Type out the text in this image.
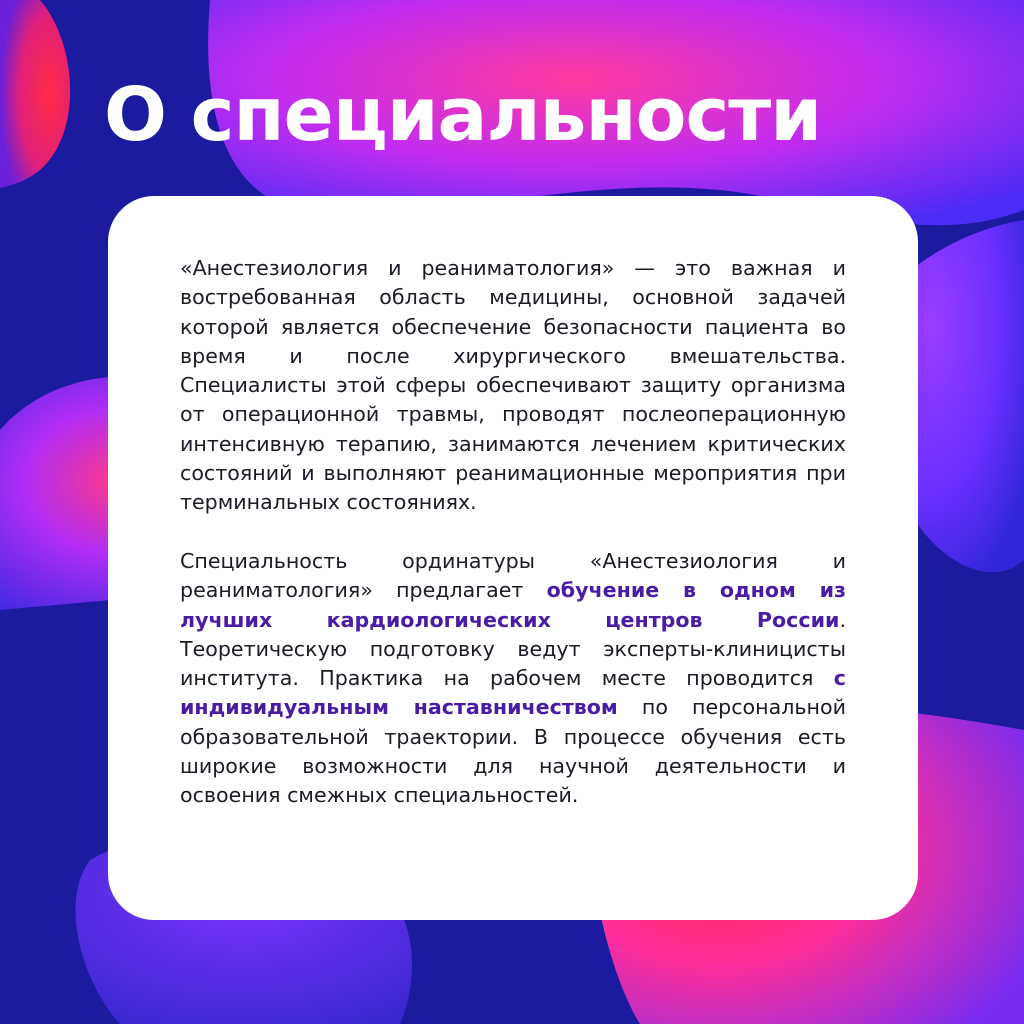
О специальности

«Анестезиология и реаниматология» — это важная и востребованная область медицины, основной задачей которой является обеспечение безопасности пациента во время и после хирургического вмешательства. Специалисты этой сферы обеспечивают защиту организма от операционной травмы, проводят послеоперационную интенсивную терапию, занимаются лечением критических состояний и выполняют реанимационные мероприятия при терминальных состояниях.

Специальность ординатуры «Анестезиология и реаниматология» предлагает обучение в одном из лучших кардиологических центров России. Теоретическую подготовку ведут эксперты-клиницисты института. Практика на рабочем месте проводится с индивидуальным наставничеством по персональной образовательной траектории. В процессе обучения есть широкие возможности для научной деятельности и освоения смежных специальностей.
